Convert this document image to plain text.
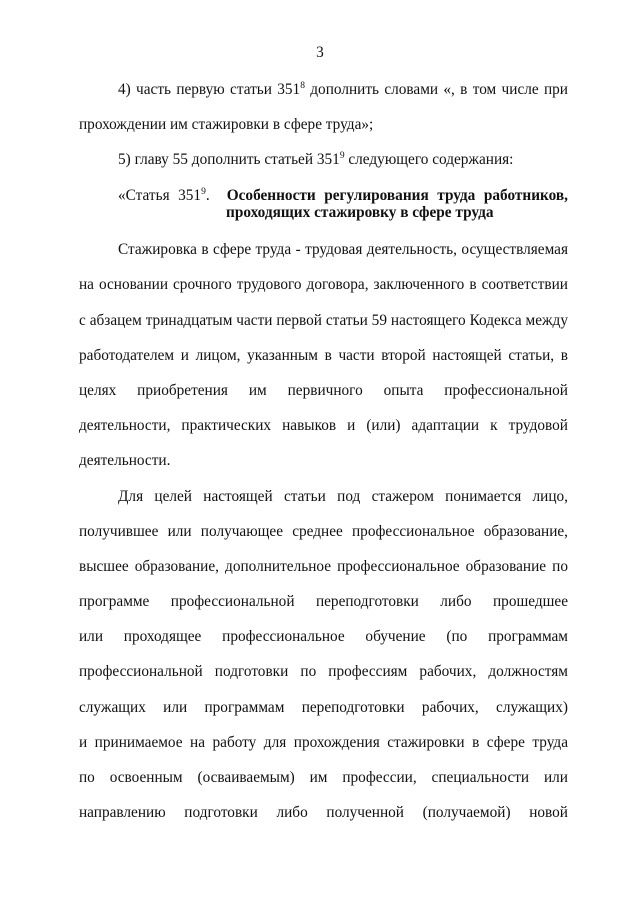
3
4) часть первую статьи $351^8$ дополнить словами «, в том числе при
прохождении им стажировки в сфере труда»;
5) главу 55 дополнить статьей $351^9$ следующего содержания:
«Статья $351^9$. Особенности регулирования труда работников,
проходящих стажировку в сфере труда
Стажировка в сфере труда - трудовая деятельность, осуществляемая
на основании срочного трудового договора, заключенного в соответствии
с абзацем тринадцатым части первой статьи 59 настоящего Кодекса между
работодателем и лицом, указанным в части второй настоящей статьи, в
целях приобретения им первичного опыта профессиональной
деятельности, практических навыков и (или) адаптации к трудовой
деятельности.
Для целей настоящей статьи под стажером понимается лицо,
получившее или получающее среднее профессиональное образование,
высшее образование, дополнительное профессиональное образование по
программе профессиональной переподготовки либо прошедшее
или проходящее профессиональное обучение (по программам
профессиональной подготовки по профессиям рабочих, должностям
служащих или программам переподготовки рабочих, служащих)
и принимаемое на работу для прохождения стажировки в сфере труда
по освоенным (осваиваемым) им профессии, специальности или
направлению подготовки либо полученной (получаемой) новой
